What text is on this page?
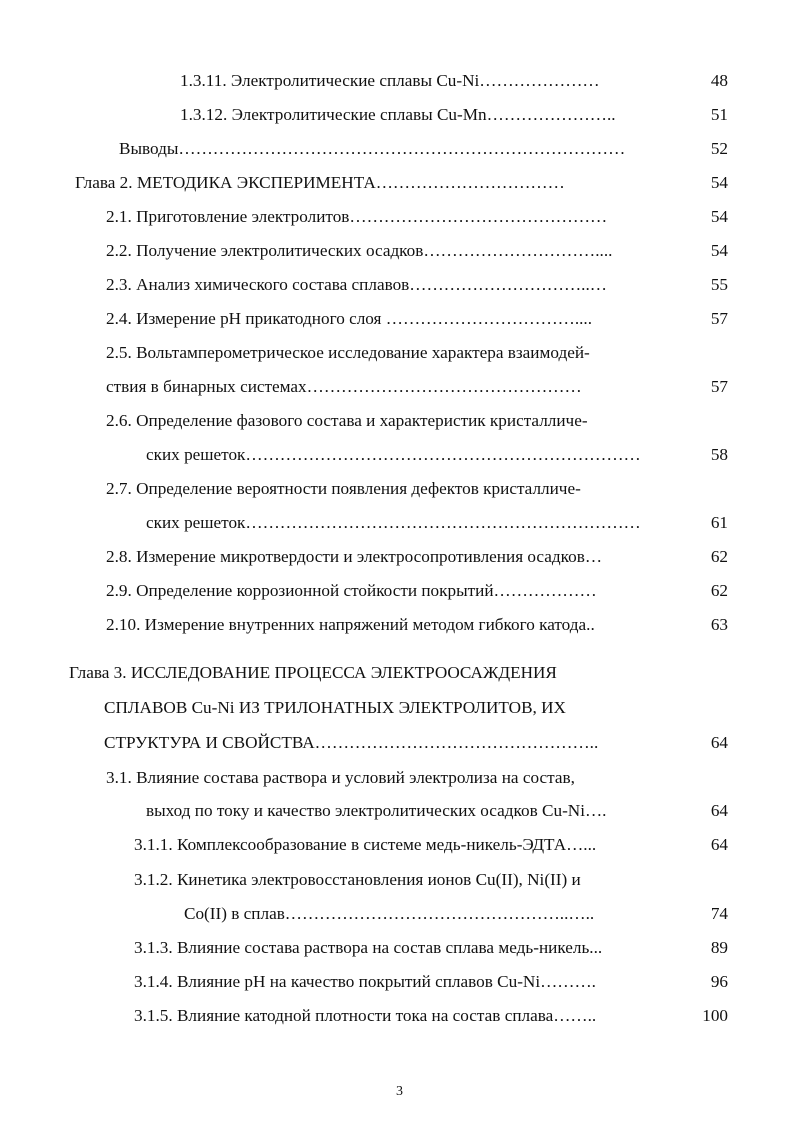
1.3.11. Электролитические сплавы Cu-Ni…………………	48
1.3.12. Электролитические сплавы Cu-Mn…………………..	51
Выводы……………………………………………………………………	52
Глава 2. МЕТОДИКА ЭКСПЕРИМЕНТА……………………………	54
2.1. Приготовление электролитов………………………………………	54
2.2. Получение электролитических осадков…………………………....	54
2.3. Анализ химического состава сплавов…………………………..…	55
2.4. Измерение pH прикатодного слоя ……………………………....	57
2.5. Вольтамперометрическое исследование характера взаимодей-
ствия в бинарных системах…………………………………………	57
2.6. Определение фазового состава и характеристик кристалличе-
ских решеток……………………………………………………………	58
2.7. Определение вероятности появления дефектов кристалличе-
ских решеток……………………………………………………………	61
2.8. Измерение микротвердости и электросопротивления осадков…	62
2.9. Определение коррозионной стойкости покрытий………………	62
2.10. Измерение внутренних напряжений методом гибкого катода..	63
Глава 3. ИССЛЕДОВАНИЕ ПРОЦЕССА ЭЛЕКТРООСАЖДЕНИЯ
СПЛАВОВ Cu-Ni ИЗ ТРИЛОНАТНЫХ ЭЛЕКТРОЛИТОВ, ИХ
СТРУКТУРА И СВОЙСТВА…………………………………………..	64
3.1. Влияние состава раствора и условий электролиза на состав,
выход по току и качество электролитических осадков Cu-Ni….	64
3.1.1. Комплексообразование в системе медь-никель-ЭДТА…...	64
3.1.2. Кинетика электровосстановления ионов Cu(II), Ni(II) и
Co(II) в сплав…………………………………………..…..	74
3.1.3. Влияние состава раствора на состав сплава медь-никель...	89
3.1.4. Влияние pH на качество покрытий сплавов Cu-Ni……….	96
3.1.5. Влияние катодной плотности тока на состав сплава……..	100
3
